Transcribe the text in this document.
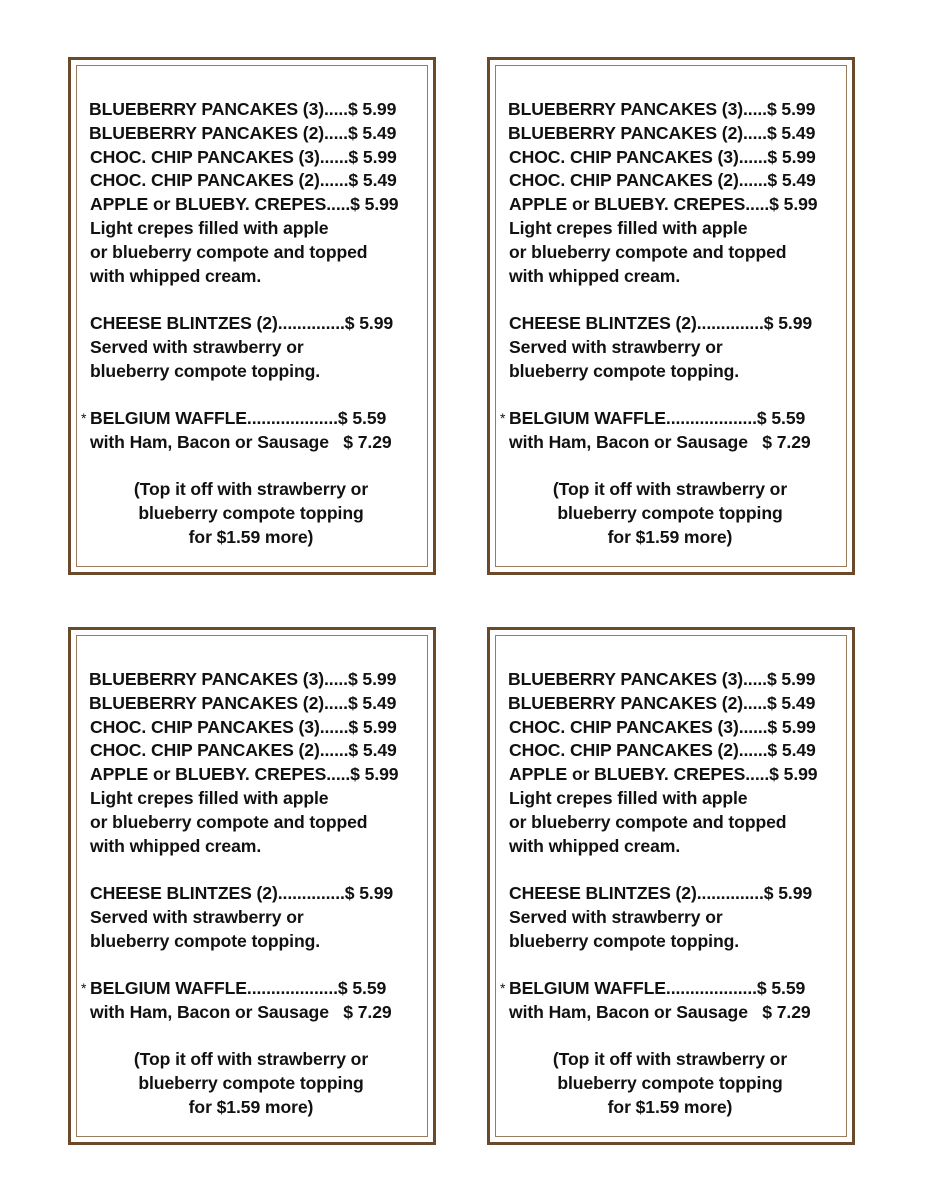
BLUEBERRY PANCAKES (3).....$ 5.99
BLUEBERRY PANCAKES (2).....$ 5.49
CHOC. CHIP PANCAKES (3)......$ 5.99
CHOC. CHIP PANCAKES (2)......$ 5.49
APPLE or BLUEBY. CREPES.....$ 5.99
Light crepes filled with apple
or blueberry compote and topped
with whipped cream.
CHEESE BLINTZES (2)..............$ 5.99
Served with strawberry or
blueberry compote topping.
* BELGIUM WAFFLE...................$ 5.59
with Ham, Bacon or Sausage   $ 7.29
(Top it off with strawberry or
blueberry compote topping
for $1.59 more)
BLUEBERRY PANCAKES (3).....$ 5.99
BLUEBERRY PANCAKES (2).....$ 5.49
CHOC. CHIP PANCAKES (3)......$ 5.99
CHOC. CHIP PANCAKES (2)......$ 5.49
APPLE or BLUEBY. CREPES.....$ 5.99
Light crepes filled with apple
or blueberry compote and topped
with whipped cream.
CHEESE BLINTZES (2)..............$ 5.99
Served with strawberry or
blueberry compote topping.
* BELGIUM WAFFLE...................$ 5.59
with Ham, Bacon or Sausage   $ 7.29
(Top it off with strawberry or
blueberry compote topping
for $1.59 more)
BLUEBERRY PANCAKES (3).....$ 5.99
BLUEBERRY PANCAKES (2).....$ 5.49
CHOC. CHIP PANCAKES (3)......$ 5.99
CHOC. CHIP PANCAKES (2)......$ 5.49
APPLE or BLUEBY. CREPES.....$ 5.99
Light crepes filled with apple
or blueberry compote and topped
with whipped cream.
CHEESE BLINTZES (2)..............$ 5.99
Served with strawberry or
blueberry compote topping.
* BELGIUM WAFFLE...................$ 5.59
with Ham, Bacon or Sausage   $ 7.29
(Top it off with strawberry or
blueberry compote topping
for $1.59 more)
BLUEBERRY PANCAKES (3).....$ 5.99
BLUEBERRY PANCAKES (2).....$ 5.49
CHOC. CHIP PANCAKES (3)......$ 5.99
CHOC. CHIP PANCAKES (2)......$ 5.49
APPLE or BLUEBY. CREPES.....$ 5.99
Light crepes filled with apple
or blueberry compote and topped
with whipped cream.
CHEESE BLINTZES (2)..............$ 5.99
Served with strawberry or
blueberry compote topping.
* BELGIUM WAFFLE...................$ 5.59
with Ham, Bacon or Sausage   $ 7.29
(Top it off with strawberry or
blueberry compote topping
for $1.59 more)
